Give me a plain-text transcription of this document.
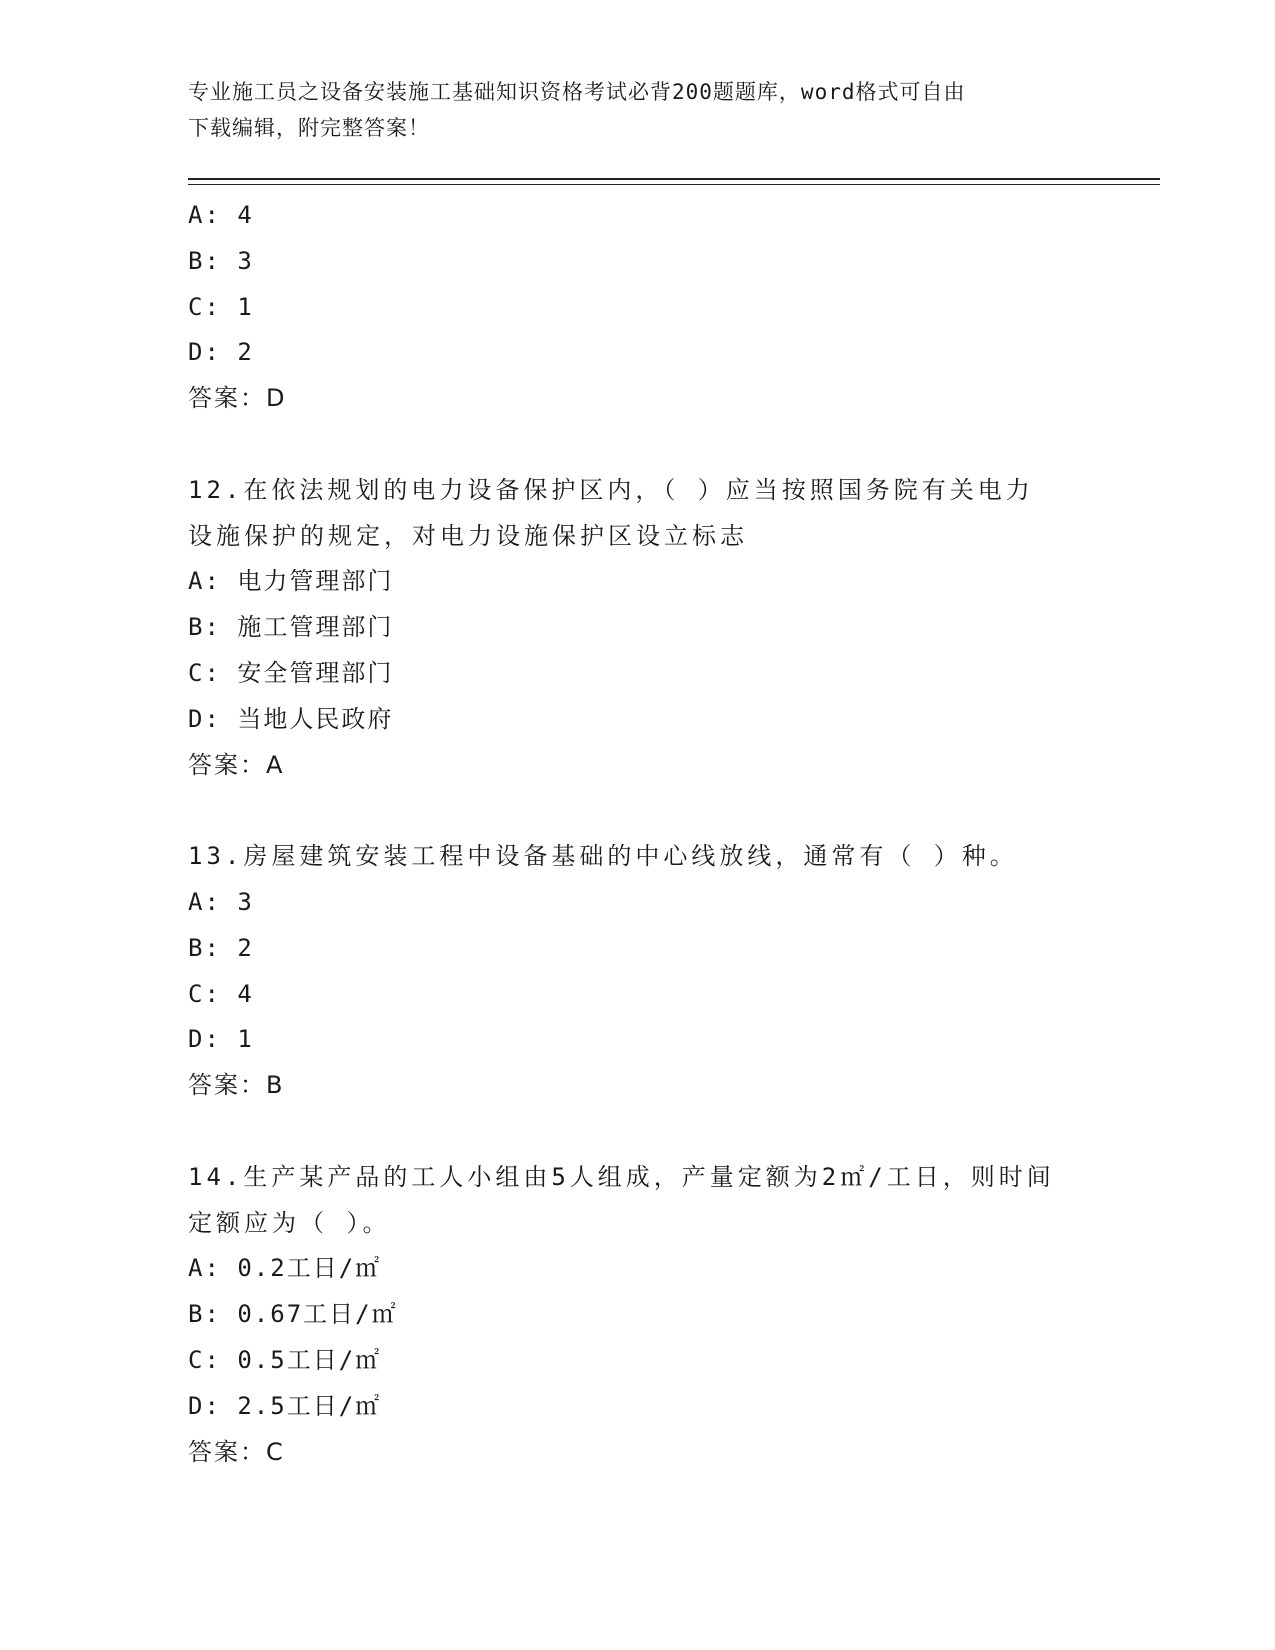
专业施工员之设备安装施工基础知识资格考试必背200题题库，word格式可自由
下载编辑，附完整答案！
A: 4
B: 3
C: 1
D: 2
答案：D
12.在依法规划的电力设备保护区内，（ ）应当按照国务院有关电力
设施保护的规定，对电力设施保护区设立标志
A: 电力管理部门
B: 施工管理部门
C: 安全管理部门
D: 当地人民政府
答案：A
13.房屋建筑安装工程中设备基础的中心线放线，通常有（ ）种。
A: 3
B: 2
C: 4
D: 1
答案：B
14.生产某产品的工人小组由5人组成，产量定额为2㎡/工日，则时间
定额应为（ ）。
A: 0.2工日/㎡
B: 0.67工日/㎡
C: 0.5工日/㎡
D: 2.5工日/㎡
答案：C
